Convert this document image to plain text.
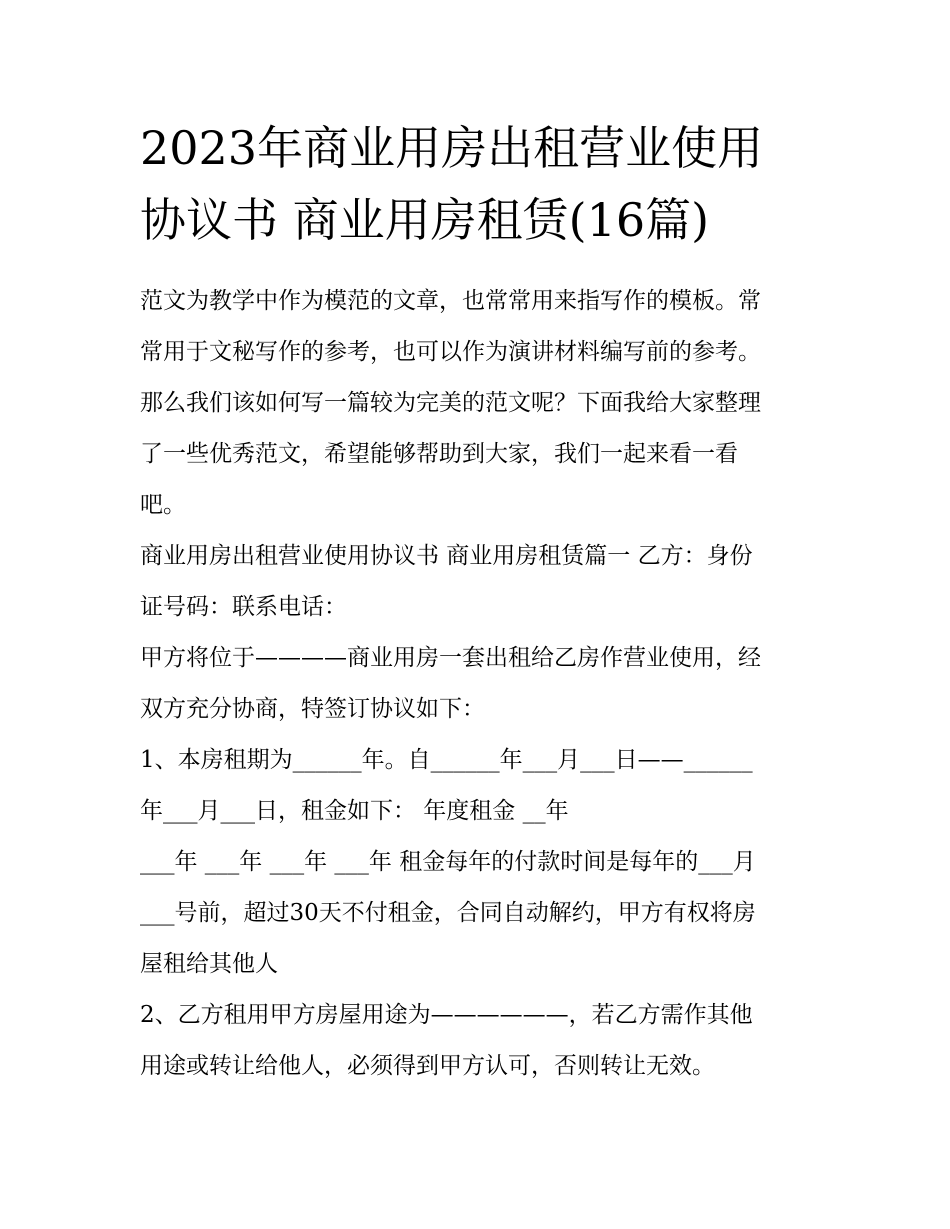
2023年商业用房出租营业使用
协议书 商业用房租赁(16篇)
范文为教学中作为模范的文章，也常常用来指写作的模板。常
常用于文秘写作的参考，也可以作为演讲材料编写前的参考。
那么我们该如何写一篇较为完美的范文呢？下面我给大家整理
了一些优秀范文，希望能够帮助到大家，我们一起来看一看
吧。
商业用房出租营业使用协议书 商业用房租赁篇一 乙方：身份
证号码：联系电话：
甲方将位于————商业用房一套出租给乙房作营业使用，经
双方充分协商，特签订协议如下：
1、本房租期为______年。自______年___月___日——______
年___月___日，租金如下： 年度租金 __年
___年 ___年 ___年 ___年 租金每年的付款时间是每年的___月
___号前，超过30天不付租金，合同自动解约，甲方有权将房
屋租给其他人
2、乙方租用甲方房屋用途为——————，若乙方需作其他
用途或转让给他人，必须得到甲方认可，否则转让无效。
